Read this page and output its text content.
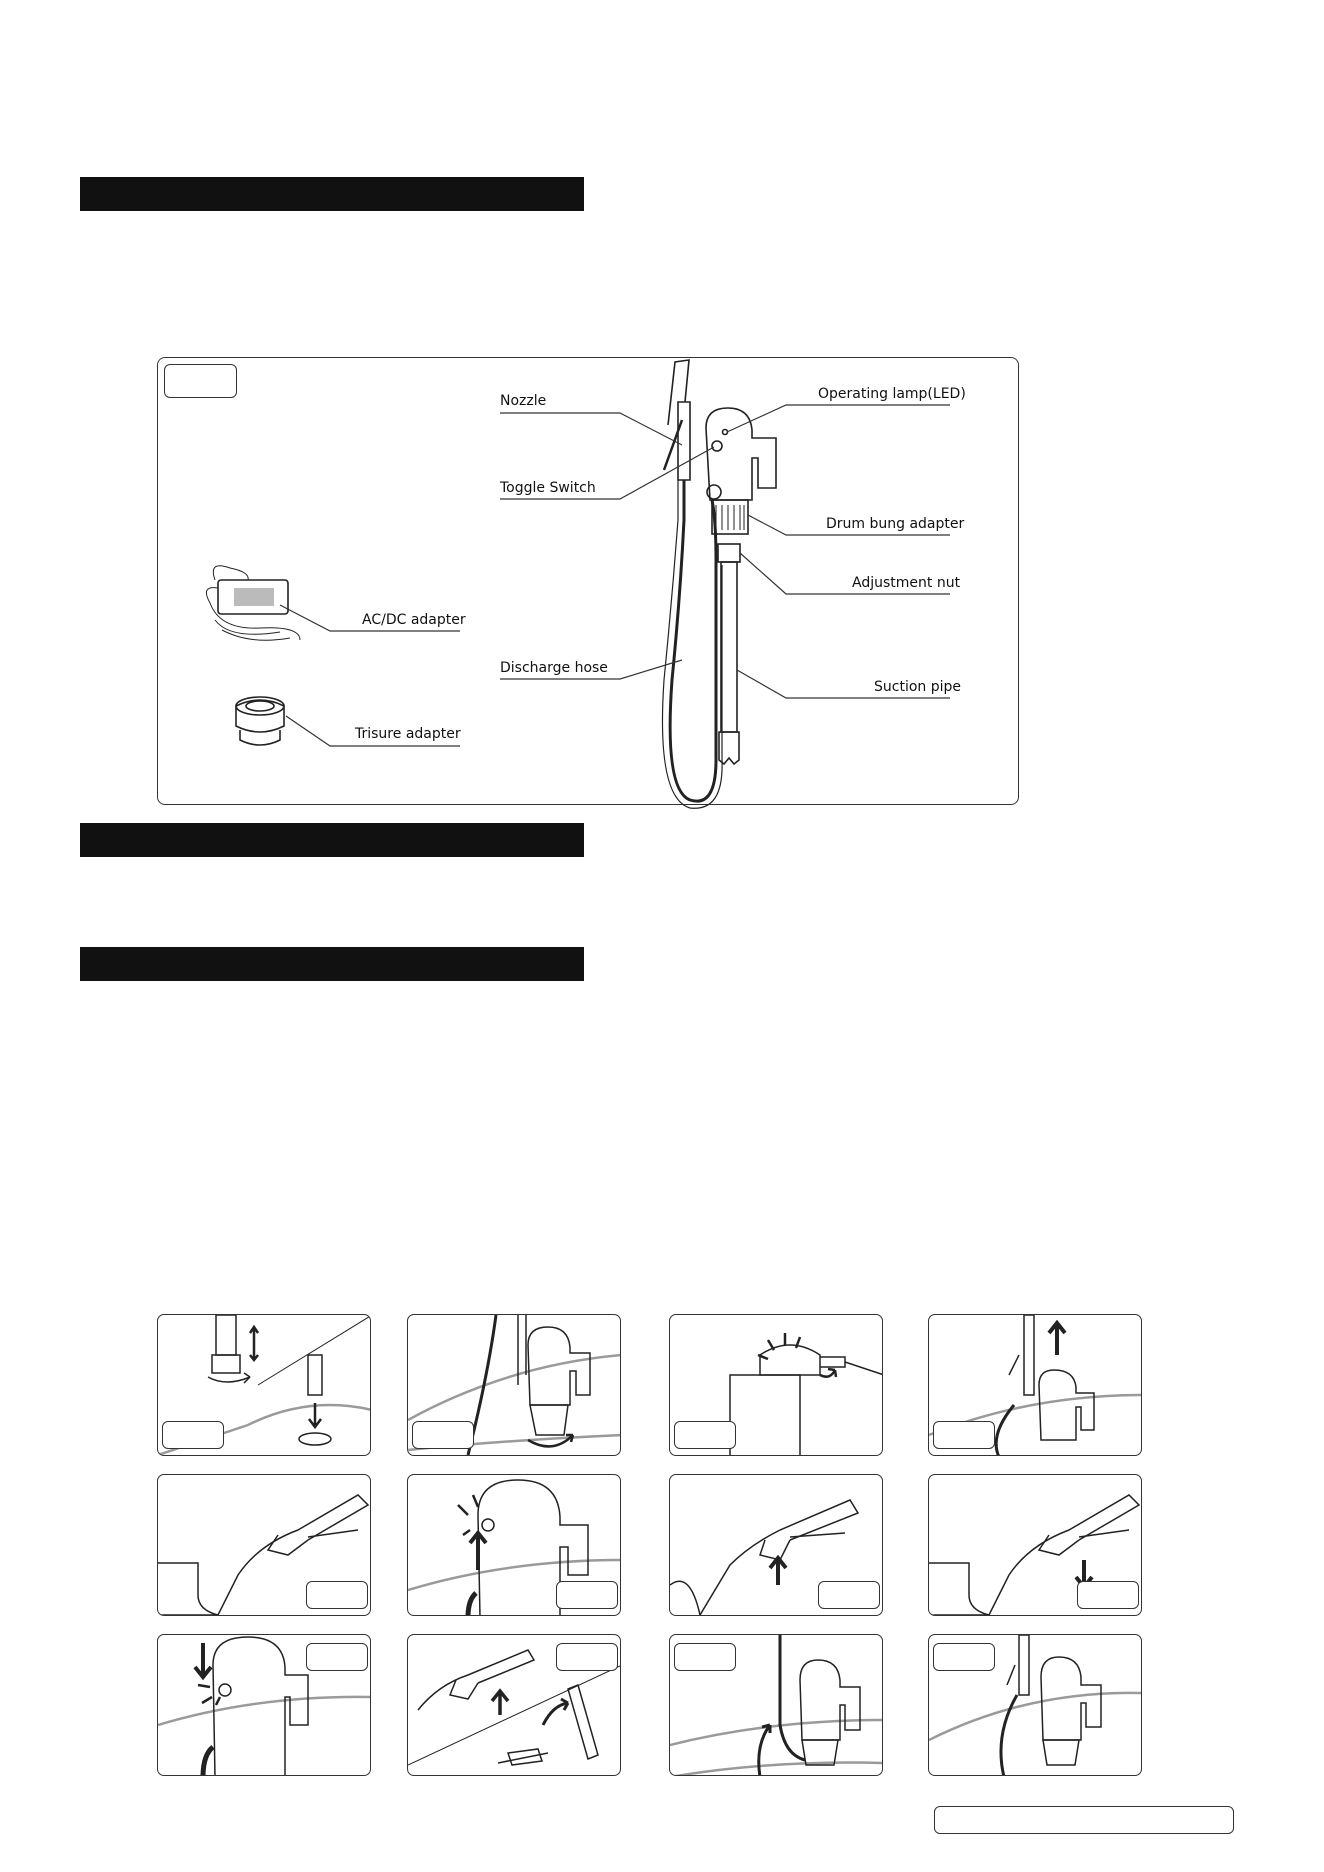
Nozzle
Toggle Switch
Discharge hose
Operating lamp(LED)
Drum bung adapter
Adjustment nut
Suction pipe
AC/DC adapter
Trisure adapter
